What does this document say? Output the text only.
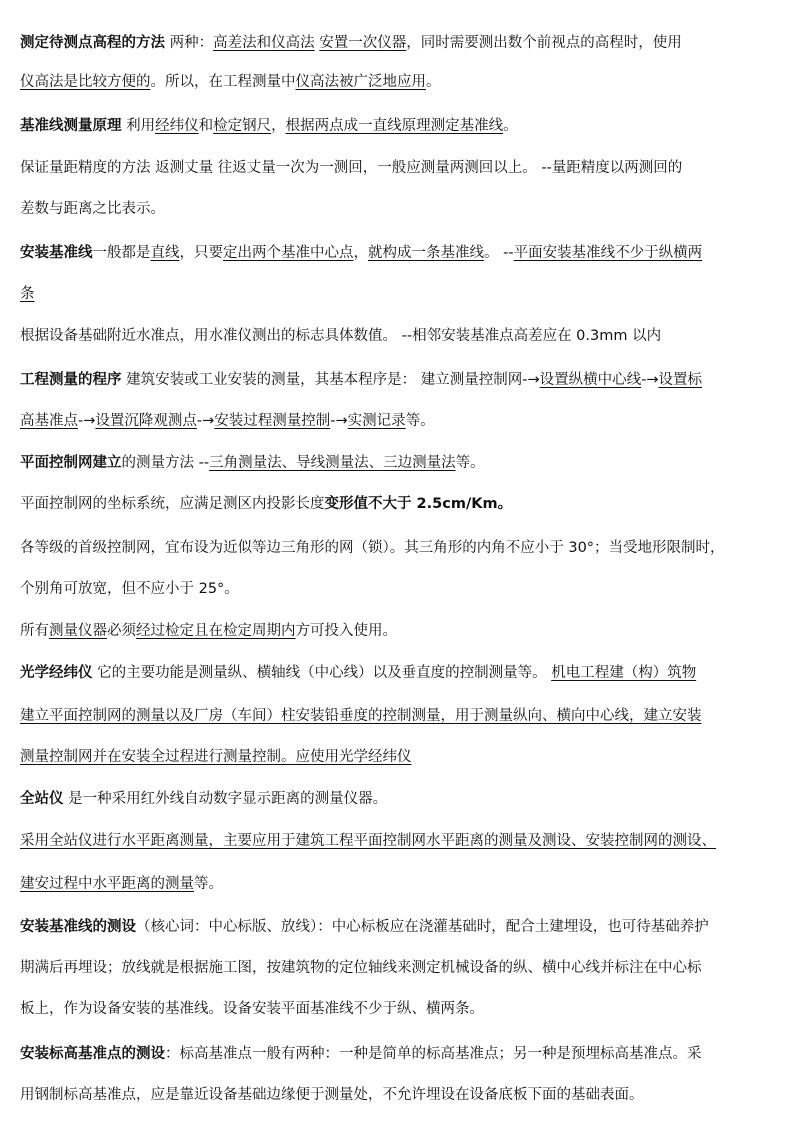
测定待测点高程的方法 两种：高差法和仪高法 安置一次仪器，同时需要测出数个前视点的高程时，使用
仪高法是比较方便的。所以，在工程测量中仪高法被广泛地应用。
基准线测量原理 利用经纬仪和检定钢尺，根据两点成一直线原理测定基准线。
保证量距精度的方法 返测丈量 往返丈量一次为一测回，一般应测量两测回以上。 --量距精度以两测回的
差数与距离之比表示。
安装基准线一般都是直线，只要定出两个基准中心点，就构成一条基准线。 --平面安装基准线不少于纵横两
条
根据设备基础附近水准点，用水准仪测出的标志具体数值。 --相邻安装基准点高差应在 0.3mm 以内
工程测量的程序 建筑安装或工业安装的测量，其基本程序是： 建立测量控制网-→设置纵横中心线-→设置标
高基准点-→设置沉降观测点-→安装过程测量控制-→实测记录等。
平面控制网建立的测量方法 --三角测量法、导线测量法、三边测量法等。
平面控制网的坐标系统，应满足测区内投影长度变形值不大于 2.5cm/Km。
各等级的首级控制网，宜布设为近似等边三角形的网（锁）。其三角形的内角不应小于 30°；当受地形限制时，
个别角可放宽，但不应小于 25°。
所有测量仪器必须经过检定且在检定周期内方可投入使用。
光学经纬仪 它的主要功能是测量纵、横轴线（中心线）以及垂直度的控制测量等。 机电工程建（构）筑物
建立平面控制网的测量以及厂房（车间）柱安装铅垂度的控制测量，用于测量纵向、横向中心线，建立安装
测量控制网并在安装全过程进行测量控制。应使用光学经纬仪
全站仪 是一种采用红外线自动数字显示距离的测量仪器。
采用全站仪进行水平距离测量，主要应用于建筑工程平面控制网水平距离的测量及测设、安装控制网的测设、
建安过程中水平距离的测量等。
安装基准线的测设（核心词：中心标版、放线）：中心标板应在浇灌基础时，配合土建埋设，也可待基础养护
期满后再埋设；放线就是根据施工图，按建筑物的定位轴线来测定机械设备的纵、横中心线并标注在中心标
板上，作为设备安装的基准线。设备安装平面基准线不少于纵、横两条。
安装标高基准点的测设：标高基准点一般有两种：一种是简单的标高基准点；另一种是预埋标高基准点。采
用钢制标高基准点，应是靠近设备基础边缘便于测量处，不允许埋设在设备底板下面的基础表面。
